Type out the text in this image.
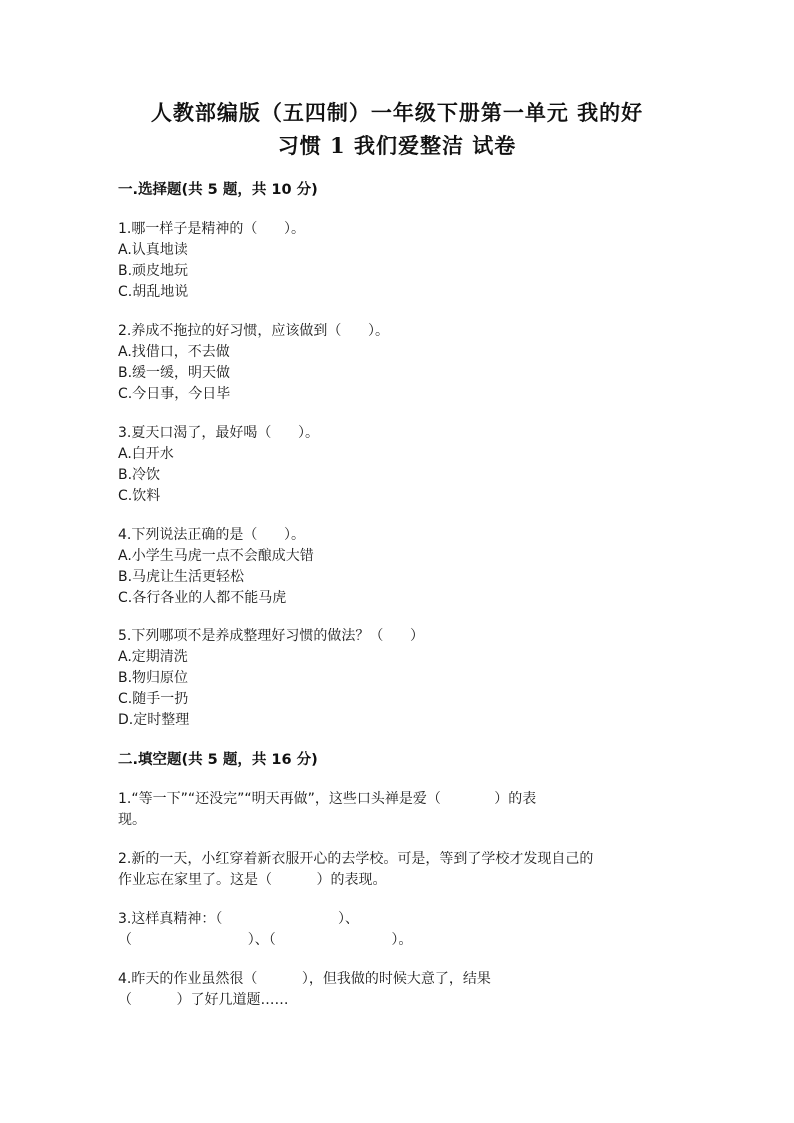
人教部编版（五四制）一年级下册第一单元 我的好
习惯 1 我们爱整洁 试卷
一.选择题(共 5 题，共 10 分)

1.哪一样子是精神的（      ）。

A.认真地读

B.顽皮地玩

C.胡乱地说

2.养成不拖拉的好习惯，应该做到（      ）。

A.找借口，不去做

B.缓一缓，明天做

C.今日事，今日毕

3.夏天口渴了，最好喝（      ）。

A.白开水

B.冷饮

C.饮料

4.下列说法正确的是（      ）。

A.小学生马虎一点不会酿成大错

B.马虎让生活更轻松

C.各行各业的人都不能马虎

5.下列哪项不是养成整理好习惯的做法？（      ）

A.定期清洗

B.物归原位

C.随手一扔

D.定时整理

二.填空题(共 5 题，共 16 分)

1.“等一下”“还没完”“明天再做”，这些口头禅是爱（            ）的表

现。

2.新的一天，小红穿着新衣服开心的去学校。可是，等到了学校才发现自己的

作业忘在家里了。这是（          ）的表现。

3.这样真精神：（                          ）、

（                          ）、（                          ）。

4.昨天的作业虽然很（          ），但我做的时候大意了，结果

（          ）了好几道题……
